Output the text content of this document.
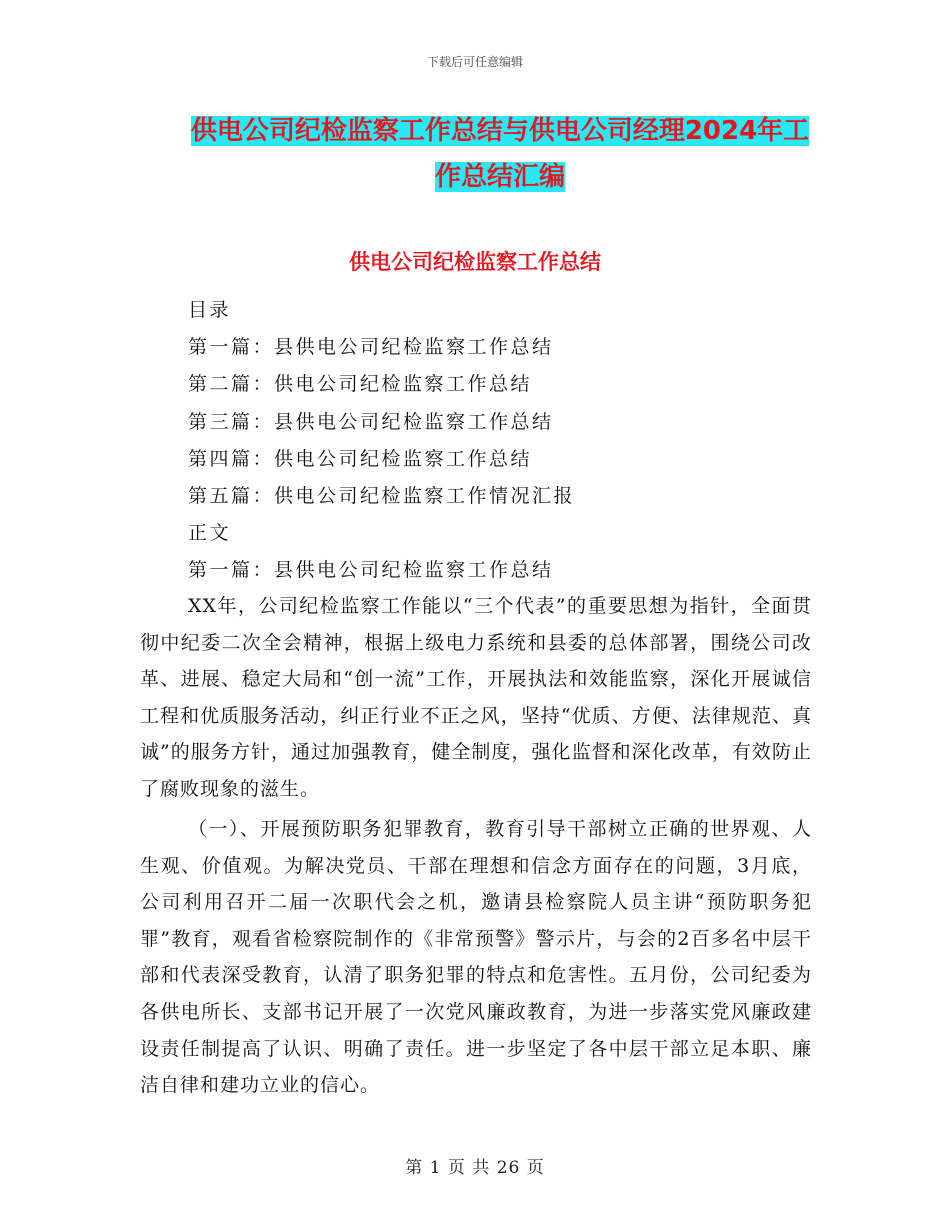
下载后可任意编辑
供电公司纪检监察工作总结与供电公司经理2024年工
作总结汇编
供电公司纪检监察工作总结
目录
第一篇：县供电公司纪检监察工作总结
第二篇：供电公司纪检监察工作总结
第三篇：县供电公司纪检监察工作总结
第四篇：供电公司纪检监察工作总结
第五篇：供电公司纪检监察工作情况汇报
正文
第一篇：县供电公司纪检监察工作总结

XX年，公司纪检监察工作能以“三个代表”的重要思想为指针，全面贯彻中纪委二次全会精神，根据上级电力系统和县委的总体部署，围绕公司改革、进展、稳定大局和“创一流”工作，开展执法和效能监察，深化开展诚信工程和优质服务活动，纠正行业不正之风，坚持“优质、方便、法律规范、真诚”的服务方针，通过加强教育，健全制度，强化监督和深化改革，有效防止了腐败现象的滋生。

（一）、开展预防职务犯罪教育，教育引导干部树立正确的世界观、人生观、价值观。为解决党员、干部在理想和信念方面存在的问题，3月底，公司利用召开二届一次职代会之机，邀请县检察院人员主讲“预防职务犯罪”教育，观看省检察院制作的《非常预警》警示片，与会的2百多名中层干部和代表深受教育，认清了职务犯罪的特点和危害性。五月份，公司纪委为各供电所长、支部书记开展了一次党风廉政教育，为进一步落实党风廉政建设责任制提高了认识、明确了责任。进一步坚定了各中层干部立足本职、廉洁自律和建功立业的信心。

第 1 页 共 26 页
